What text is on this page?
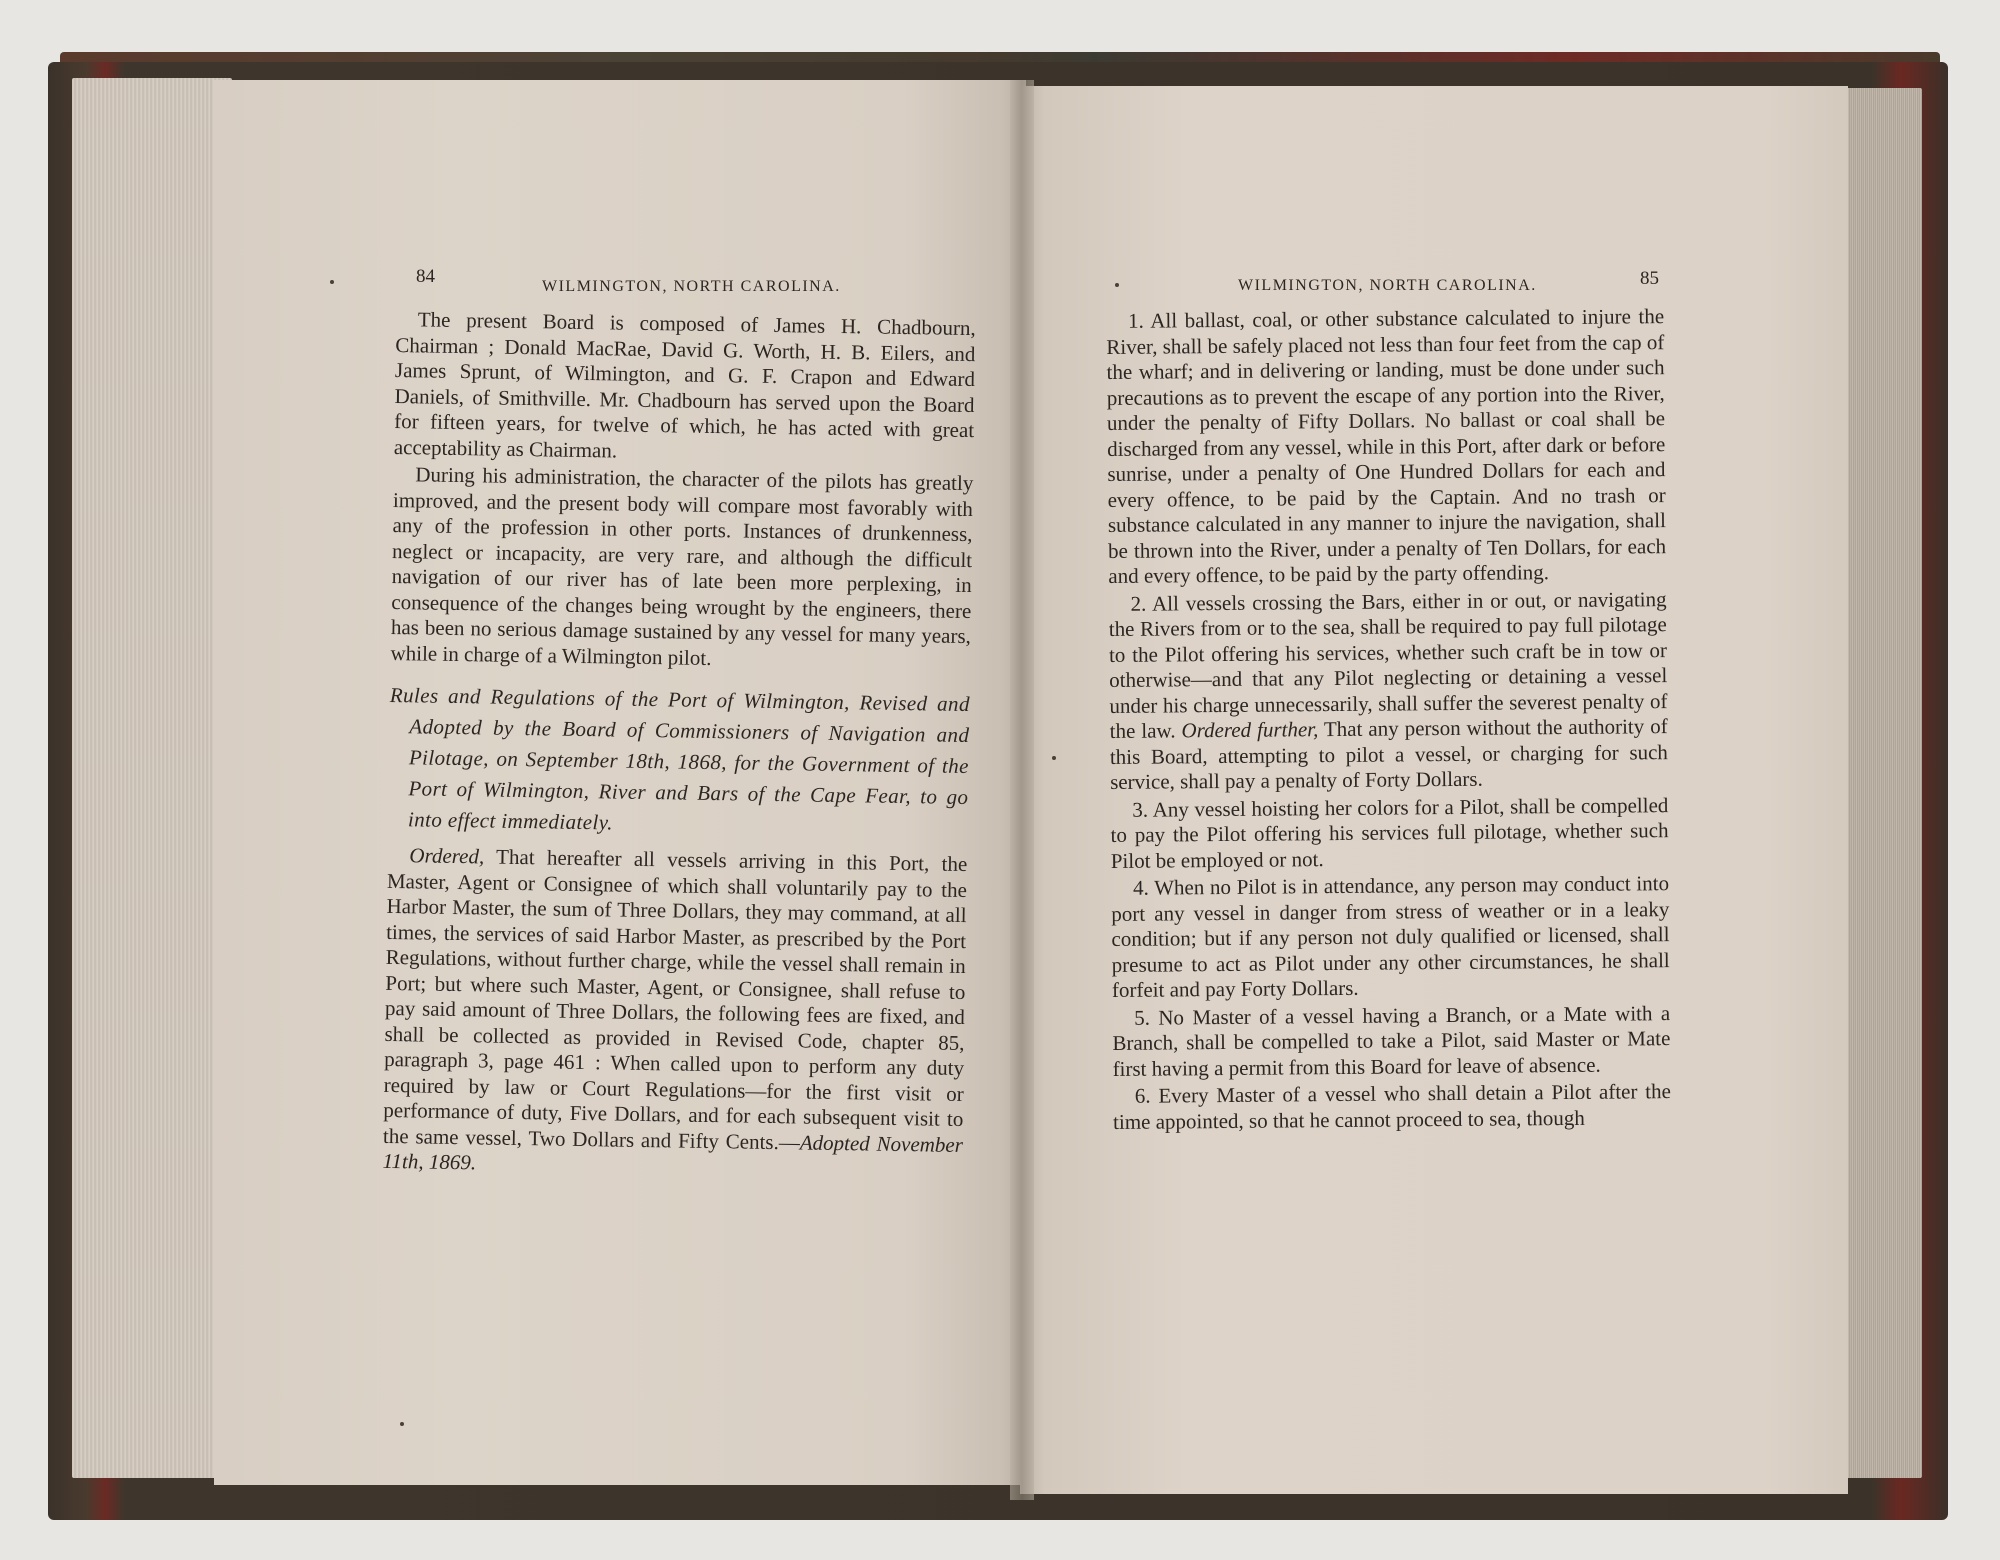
84	WILMINGTON, NORTH CAROLINA.

The present Board is composed of James H. Chadbourn, Chairman ; Donald MacRae, David G. Worth, H. B. Eilers, and James Sprunt, of Wilmington, and G. F. Crapon and Edward Daniels, of Smithville. Mr. Chadbourn has served upon the Board for fifteen years, for twelve of which, he has acted with great acceptability as Chairman.

During his administration, the character of the pilots has greatly improved, and the present body will compare most favorably with any of the profession in other ports. Instances of drunkenness, neglect or incapacity, are very rare, and although the difficult navigation of our river has of late been more perplexing, in consequence of the changes being wrought by the engineers, there has been no serious damage sustained by any vessel for many years, while in charge of a Wilmington pilot.

Rules and Regulations of the Port of Wilmington, Revised and Adopted by the Board of Commissioners of Navigation and Pilotage, on September 18th, 1868, for the Government of the Port of Wilmington, River and Bars of the Cape Fear, to go into effect immediately.

Ordered, That hereafter all vessels arriving in this Port, the Master, Agent or Consignee of which shall voluntarily pay to the Harbor Master, the sum of Three Dollars, they may command, at all times, the services of said Harbor Master, as prescribed by the Port Regulations, without further charge, while the vessel shall remain in Port; but where such Master, Agent, or Consignee, shall refuse to pay said amount of Three Dollars, the following fees are fixed, and shall be collected as provided in Revised Code, chapter 85, paragraph 3, page 461 : When called upon to perform any duty required by law or Court Regulations—for the first visit or performance of duty, Five Dollars, and for each subsequent visit to the same vessel, Two Dollars and Fifty Cents.—Adopted November 11th, 1869.

WILMINGTON, NORTH CAROLINA.	85

1. All ballast, coal, or other substance calculated to injure the River, shall be safely placed not less than four feet from the cap of the wharf; and in delivering or landing, must be done under such precautions as to prevent the escape of any portion into the River, under the penalty of Fifty Dollars. No ballast or coal shall be discharged from any vessel, while in this Port, after dark or before sunrise, under a penalty of One Hundred Dollars for each and every offence, to be paid by the Captain. And no trash or substance calculated in any manner to injure the navigation, shall be thrown into the River, under a penalty of Ten Dollars, for each and every offence, to be paid by the party offending.

2. All vessels crossing the Bars, either in or out, or navigating the Rivers from or to the sea, shall be required to pay full pilotage to the Pilot offering his services, whether such craft be in tow or otherwise—and that any Pilot neglecting or detaining a vessel under his charge unnecessarily, shall suffer the severest penalty of the law. Ordered further, That any person without the authority of this Board, attempting to pilot a vessel, or charging for such service, shall pay a penalty of Forty Dollars.

3. Any vessel hoisting her colors for a Pilot, shall be compelled to pay the Pilot offering his services full pilotage, whether such Pilot be employed or not.

4. When no Pilot is in attendance, any person may conduct into port any vessel in danger from stress of weather or in a leaky condition; but if any person not duly qualified or licensed, shall presume to act as Pilot under any other circumstances, he shall forfeit and pay Forty Dollars.

5. No Master of a vessel having a Branch, or a Mate with a Branch, shall be compelled to take a Pilot, said Master or Mate first having a permit from this Board for leave of absence.

6. Every Master of a vessel who shall detain a Pilot after the time appointed, so that he cannot proceed to sea, though
